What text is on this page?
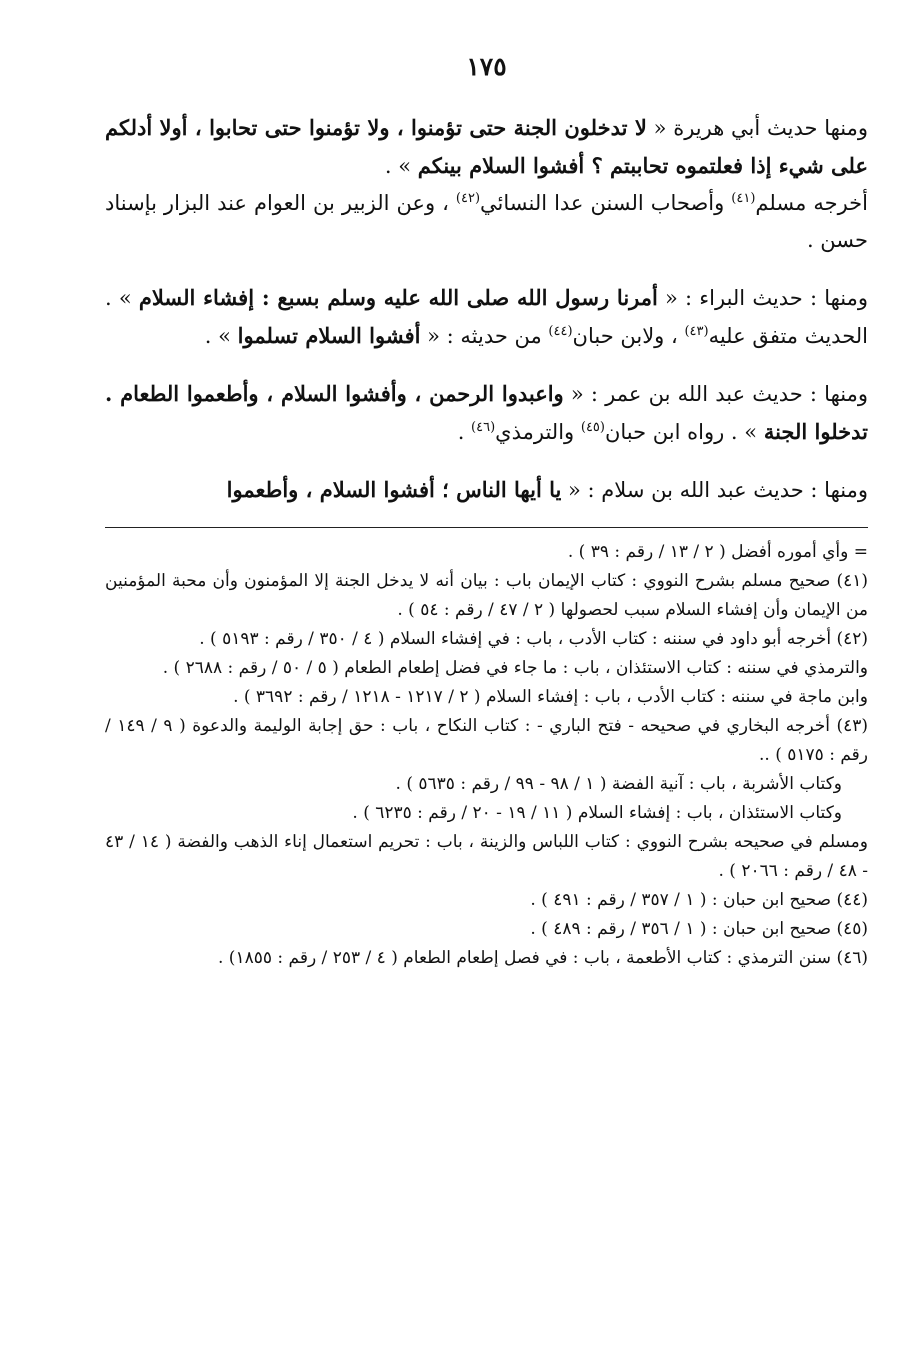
١٧٥

ومنها حديث أبي هريرة « لا تدخلون الجنة حتى تؤمنوا ، ولا تؤمنوا حتى تحابوا ، أولا أدلكم على شيء إذا فعلتموه تحاببتم ؟ أفشوا السلام بينكم » .

أخرجه مسلم$^{(٤١)}$ وأصحاب السنن عدا النسائي$^{(٤٢)}$ ، وعن الزبير بن العوام عند البزار بإسناد حسن .

ومنها : حديث البراء : « أمرنا رسول الله صلى الله عليه وسلم بسبع : إفشاء السلام » . الحديث متفق عليه$^{(٤٣)}$ ، ولابن حبان$^{(٤٤)}$ من حديثه : « أفشوا السلام تسلموا » .

ومنها : حديث عبد الله بن عمر : « واعبدوا الرحمن ، وأفشوا السلام ، وأطعموا الطعام . تدخلوا الجنة » . رواه ابن حبان$^{(٤٥)}$ والترمذي$^{(٤٦)}$ .

ومنها : حديث عبد الله بن سلام : « يا أيها الناس ؛ أفشوا السلام ، وأطعموا

= وأي أموره أفضل ( ٢ / ١٣ / رقم : ٣٩ ) .

(٤١) صحيح مسلم بشرح النووي : كتاب الإيمان باب : بيان أنه لا يدخل الجنة إلا المؤمنون وأن محبة المؤمنين من الإيمان وأن إفشاء السلام سبب لحصولها ( ٢ / ٤٧ / رقم : ٥٤ ) .

(٤٢) أخرجه أبو داود في سننه : كتاب الأدب ، باب : في إفشاء السلام ( ٤ / ٣٥٠ / رقم : ٥١٩٣ ) .

والترمذي في سننه : كتاب الاستئذان ، باب : ما جاء في فضل إطعام الطعام ( ٥ / ٥٠ / رقم : ٢٦٨٨ ) .

وابن ماجة في سننه : كتاب الأدب ، باب : إفشاء السلام ( ٢ / ١٢١٧ - ١٢١٨ / رقم : ٣٦٩٢ ) .

(٤٣) أخرجه البخاري في صحيحه - فتح الباري - : كتاب النكاح ، باب : حق إجابة الوليمة والدعوة ( ٩ / ١٤٩ / رقم : ٥١٧٥ ) ..

وكتاب الأشربة ، باب : آنية الفضة ( ١ / ٩٨ - ٩٩ / رقم : ٥٦٣٥ ) .

وكتاب الاستئذان ، باب : إفشاء السلام ( ١١ / ١٩ - ٢٠ / رقم : ٦٢٣٥ ) .

ومسلم في صحيحه بشرح النووي : كتاب اللباس والزينة ، باب : تحريم استعمال إناء الذهب والفضة ( ١٤ / ٤٣ - ٤٨ / رقم : ٢٠٦٦ ) .

(٤٤) صحيح ابن حبان : ( ١ / ٣٥٧ / رقم : ٤٩١ ) .

(٤٥) صحيح ابن حبان : ( ١ / ٣٥٦ / رقم : ٤٨٩ ) .

(٤٦) سنن الترمذي : كتاب الأطعمة ، باب : في فصل إطعام الطعام ( ٤ / ٢٥٣ / رقم : ١٨٥٥) .
